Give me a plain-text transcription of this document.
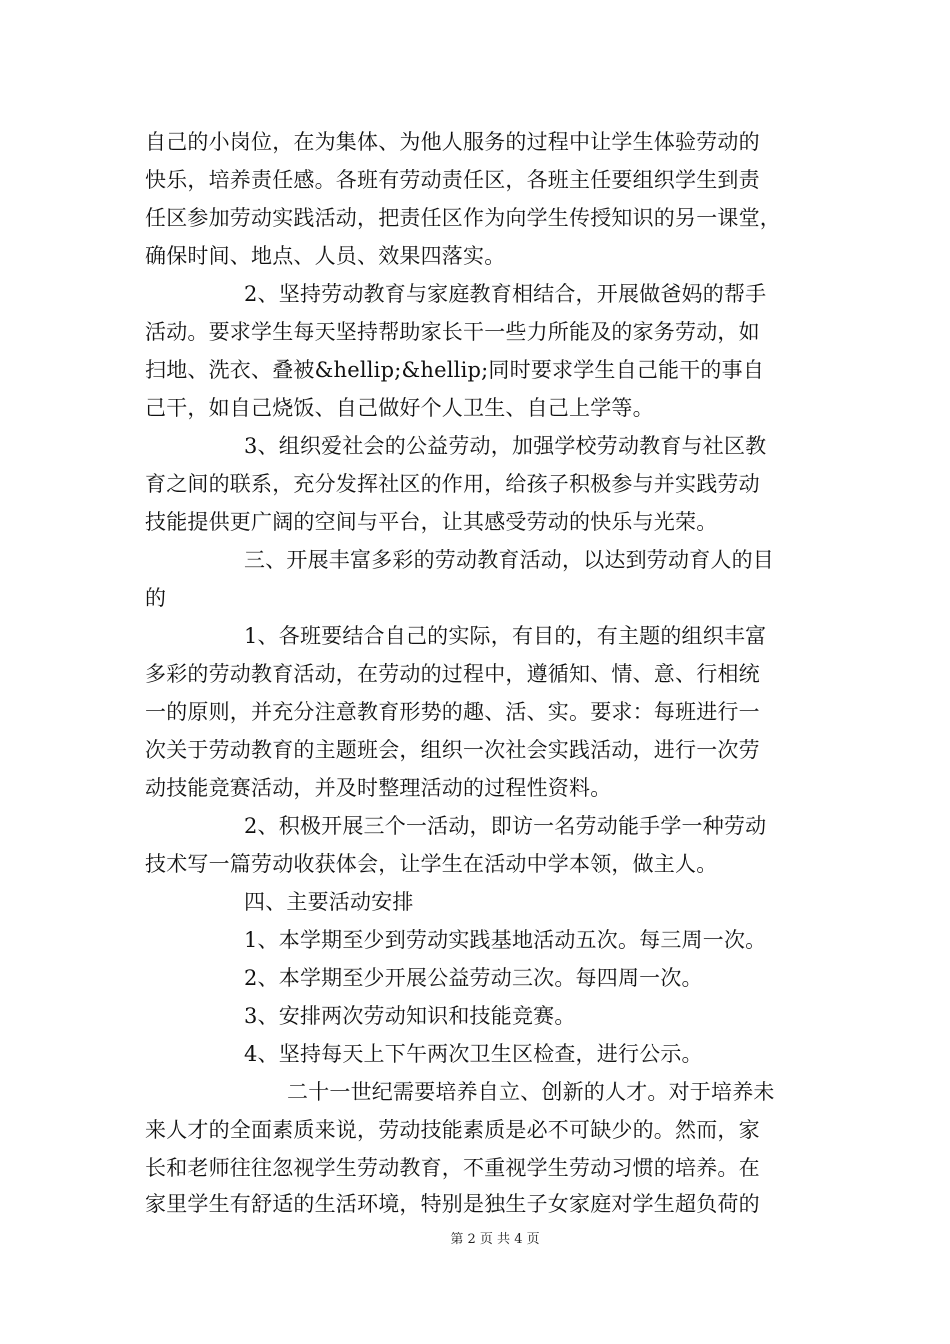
自己的小岗位，在为集体、为他人服务的过程中让学生体验劳动的
快乐，培养责任感。各班有劳动责任区，各班主任要组织学生到责
任区参加劳动实践活动，把责任区作为向学生传授知识的另一课堂，
确保时间、地点、人员、效果四落实。
2、坚持劳动教育与家庭教育相结合，开展做爸妈的帮手
活动。要求学生每天坚持帮助家长干一些力所能及的家务劳动，如
扫地、洗衣、叠被&hellip;&hellip;同时要求学生自己能干的事自
己干，如自己烧饭、自己做好个人卫生、自己上学等。
3、组织爱社会的公益劳动，加强学校劳动教育与社区教
育之间的联系，充分发挥社区的作用，给孩子积极参与并实践劳动
技能提供更广阔的空间与平台，让其感受劳动的快乐与光荣。
三、开展丰富多彩的劳动教育活动，以达到劳动育人的目
的
1、各班要结合自己的实际，有目的，有主题的组织丰富
多彩的劳动教育活动，在劳动的过程中，遵循知、情、意、行相统
一的原则，并充分注意教育形势的趣、活、实。要求：每班进行一
次关于劳动教育的主题班会，组织一次社会实践活动，进行一次劳
动技能竞赛活动，并及时整理活动的过程性资料。
2、积极开展三个一活动，即访一名劳动能手学一种劳动
技术写一篇劳动收获体会，让学生在活动中学本领，做主人。
四、主要活动安排
1、本学期至少到劳动实践基地活动五次。每三周一次。
2、本学期至少开展公益劳动三次。每四周一次。
3、安排两次劳动知识和技能竞赛。
4、坚持每天上下午两次卫生区检查，进行公示。
二十一世纪需要培养自立、创新的人才。对于培养未
来人才的全面素质来说，劳动技能素质是必不可缺少的。然而，家
长和老师往往忽视学生劳动教育，不重视学生劳动习惯的培养。在
家里学生有舒适的生活环境，特别是独生子女家庭对学生超负荷的
第 2 页 共 4 页
